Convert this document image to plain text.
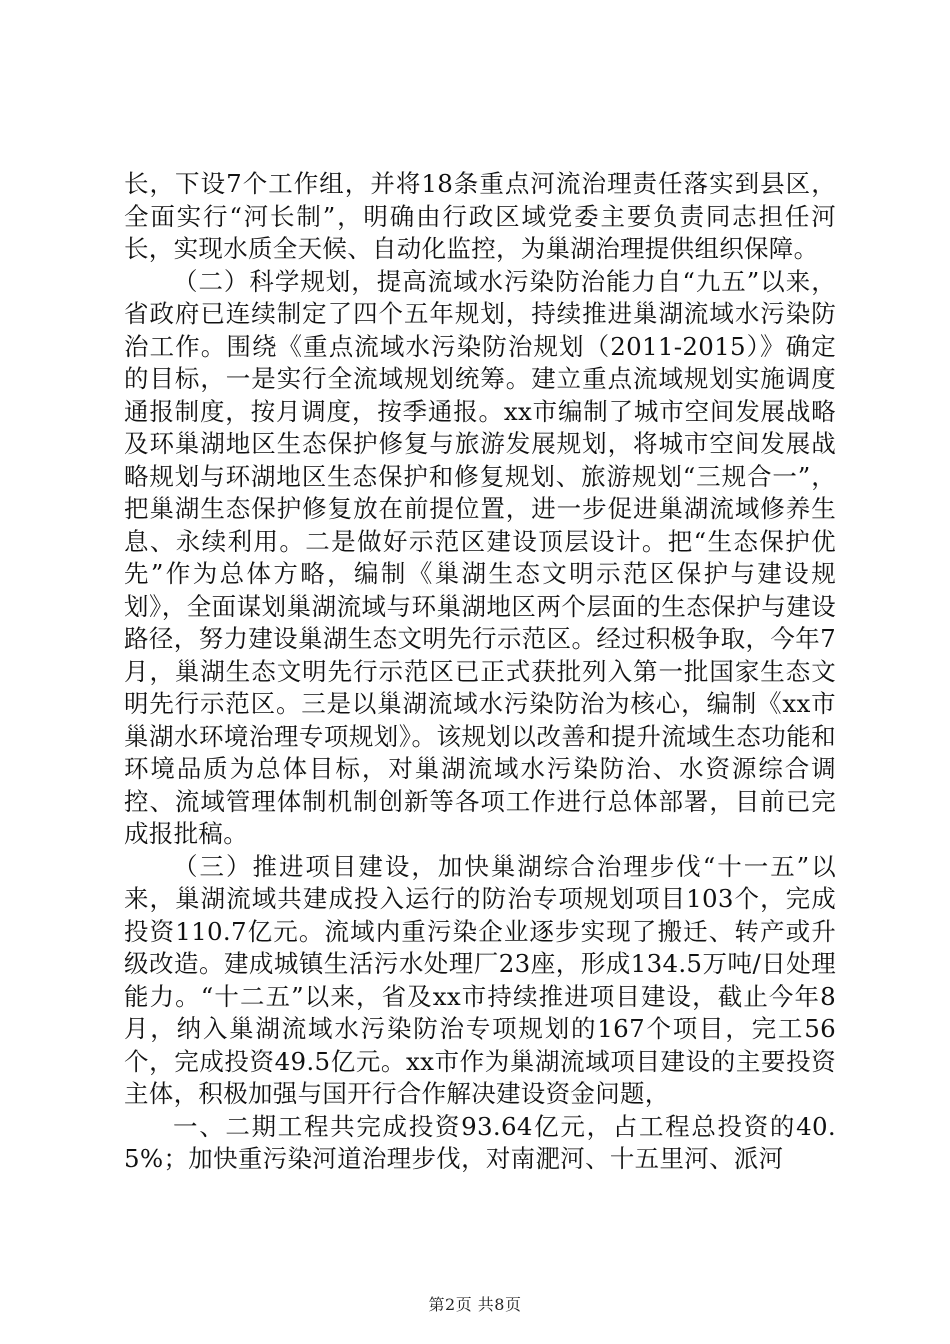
长，下设7个工作组，并将18条重点河流治理责任落实到县区，全面实行“河长制”，明确由行政区域党委主要负责同志担任河长，实现水质全天候、自动化监控，为巢湖治理提供组织保障。

（二）科学规划，提高流域水污染防治能力自“九五”以来，省政府已连续制定了四个五年规划，持续推进巢湖流域水污染防治工作。围绕《重点流域水污染防治规划（2011-2015）》确定的目标，一是实行全流域规划统筹。建立重点流域规划实施调度通报制度，按月调度，按季通报。xx市编制了城市空间发展战略及环巢湖地区生态保护修复与旅游发展规划，将城市空间发展战略规划与环湖地区生态保护和修复规划、旅游规划“三规合一”，把巢湖生态保护修复放在前提位置，进一步促进巢湖流域修养生息、永续利用。二是做好示范区建设顶层设计。把“生态保护优先”作为总体方略，编制《巢湖生态文明示范区保护与建设规划》，全面谋划巢湖流域与环巢湖地区两个层面的生态保护与建设路径，努力建设巢湖生态文明先行示范区。经过积极争取，今年7月，巢湖生态文明先行示范区已正式获批列入第一批国家生态文明先行示范区。三是以巢湖流域水污染防治为核心，编制《xx市巢湖水环境治理专项规划》。该规划以改善和提升流域生态功能和环境品质为总体目标，对巢湖流域水污染防治、水资源综合调控、流域管理体制机制创新等各项工作进行总体部署，目前已完成报批稿。

（三）推进项目建设，加快巢湖综合治理步伐“十一五”以来，巢湖流域共建成投入运行的防治专项规划项目103个，完成投资110.7亿元。流域内重污染企业逐步实现了搬迁、转产或升级改造。建成城镇生活污水处理厂23座，形成134.5万吨/日处理能力。“十二五”以来，省及xx市持续推进项目建设，截止今年8月，纳入巢湖流域水污染防治专项规划的167个项目，完工56个，完成投资49.5亿元。xx市作为巢湖流域项目建设的主要投资主体，积极加强与国开行合作解决建设资金问题，

一、二期工程共完成投资93.64亿元，占工程总投资的40.5%；加快重污染河道治理步伐，对南淝河、十五里河、派河

第2页 共8页
